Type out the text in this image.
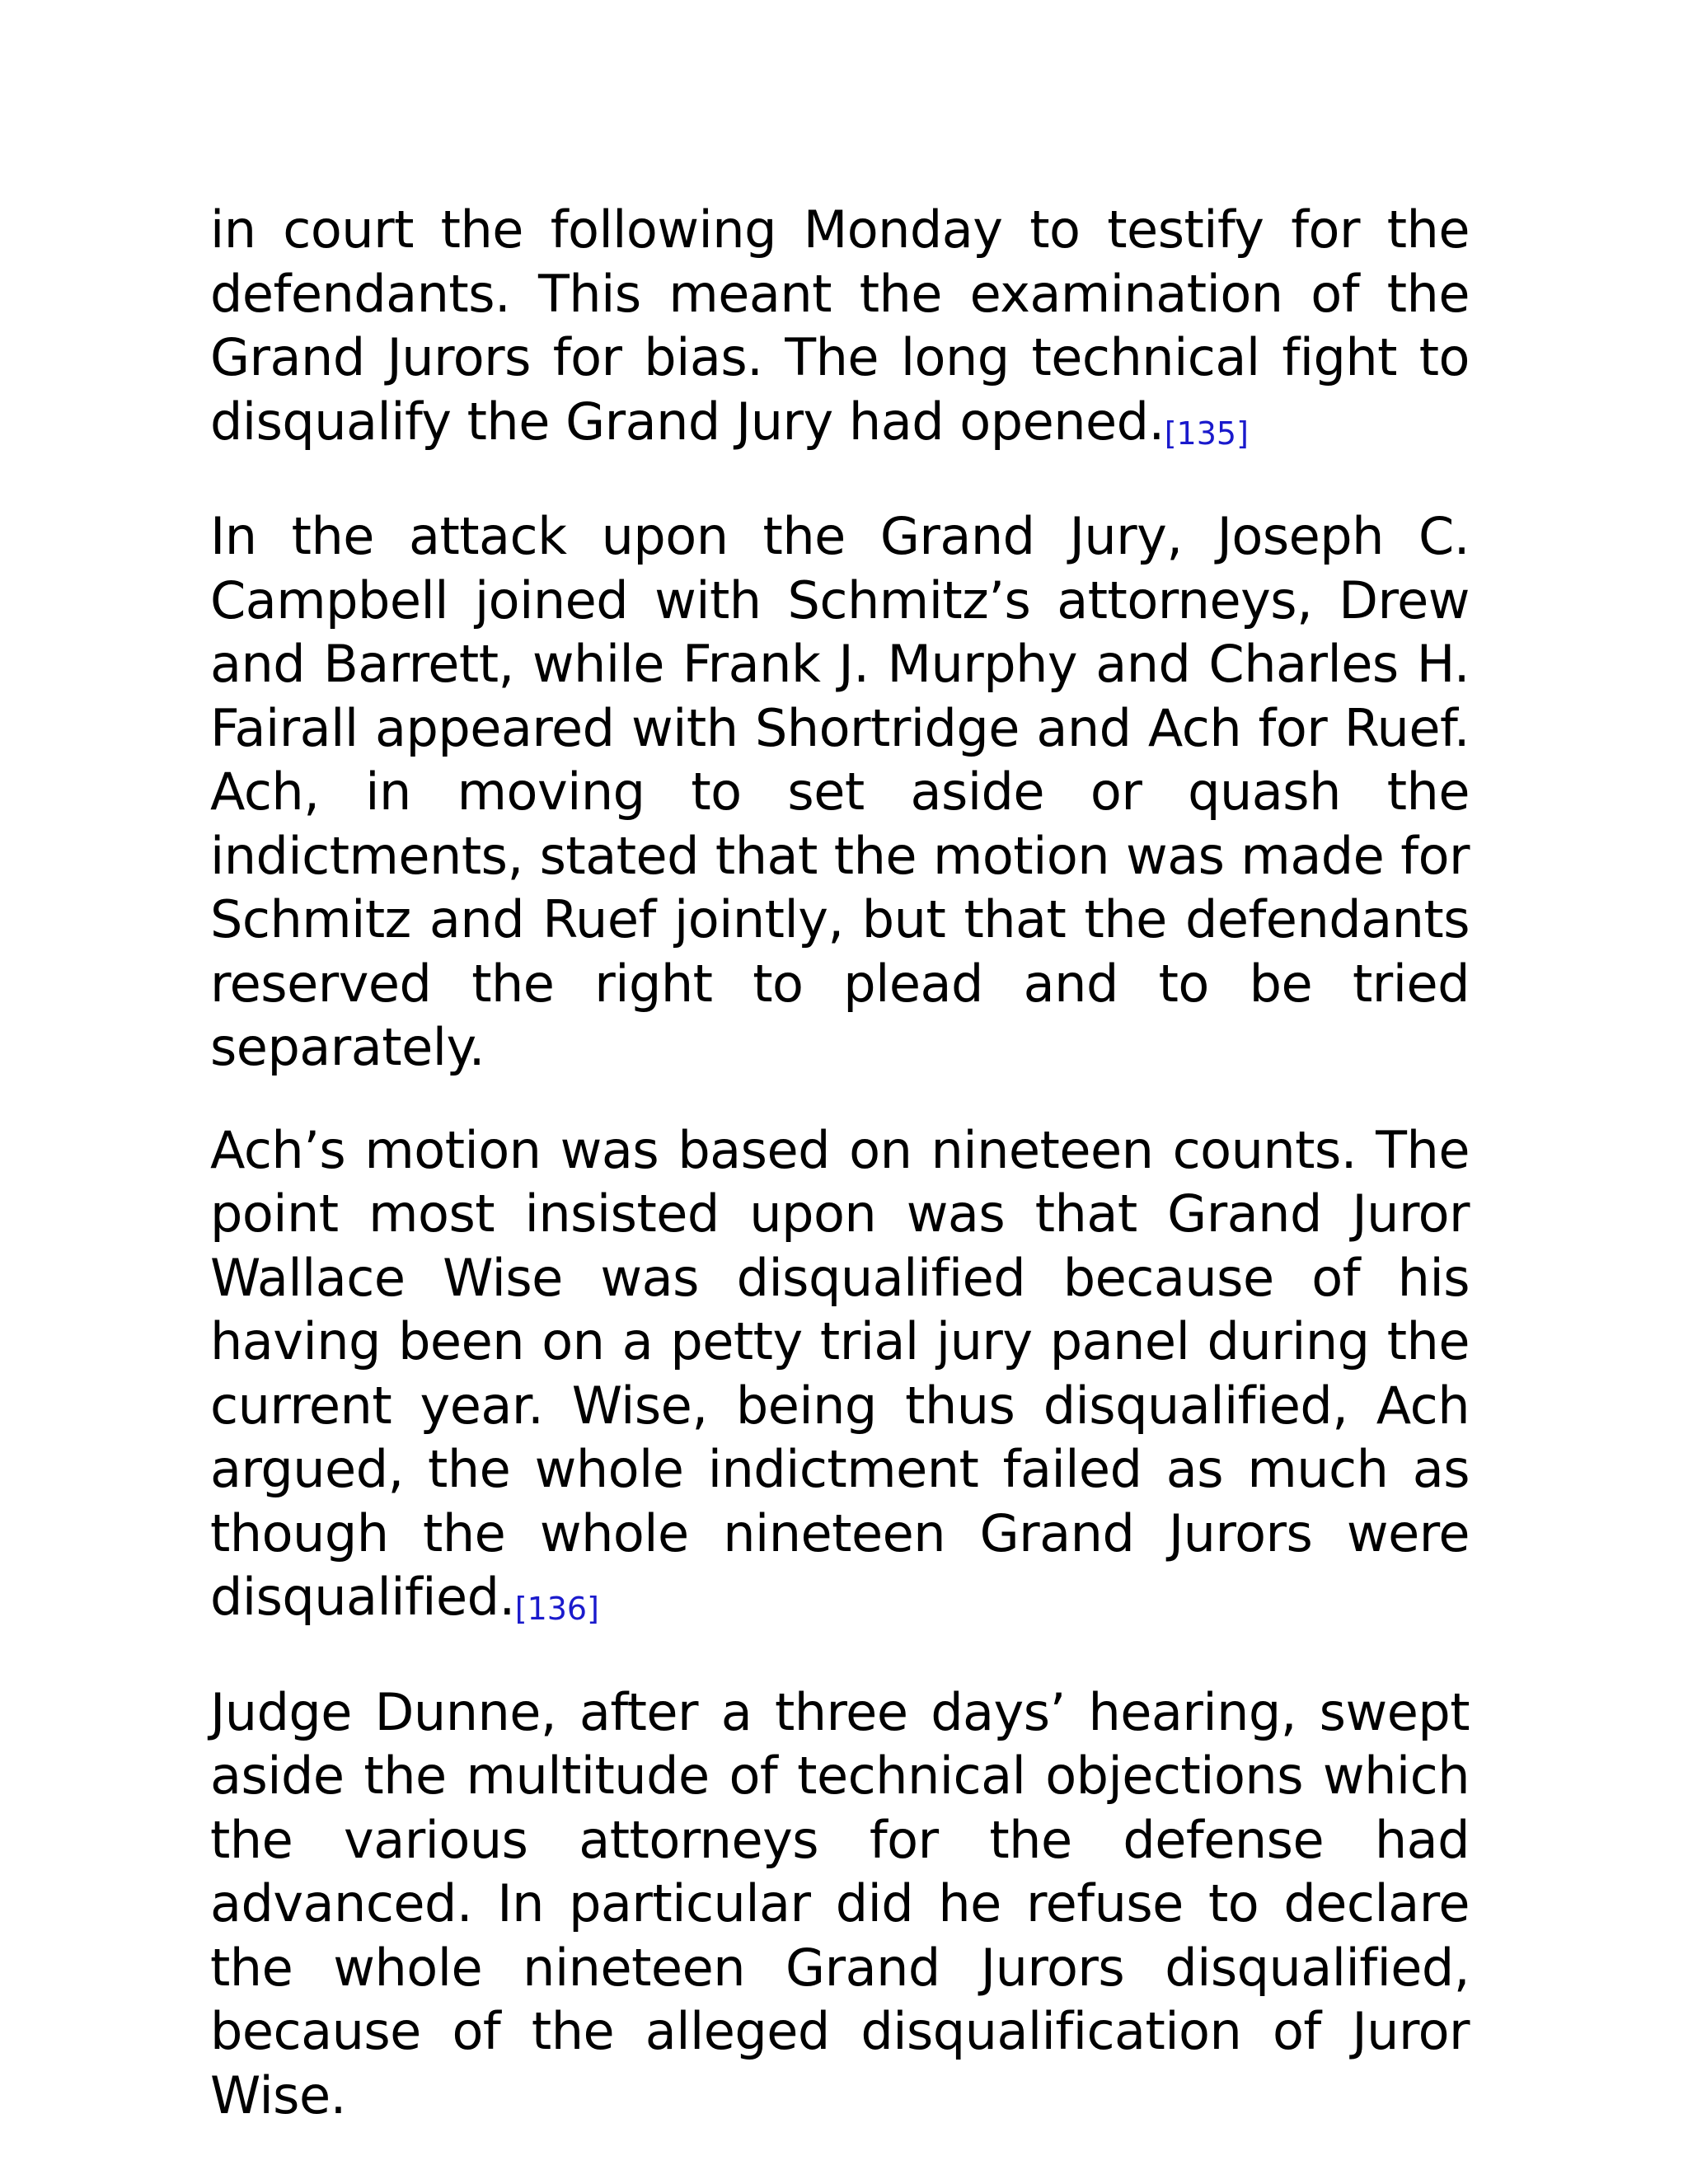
in court the following Monday to testify for the defendants. This meant the examination of the Grand Jurors for bias. The long technical fight to disqualify the Grand Jury had opened.[135]

In the attack upon the Grand Jury, Joseph C. Campbell joined with Schmitz’s attorneys, Drew and Barrett, while Frank J. Murphy and Charles H. Fairall appeared with Shortridge and Ach for Ruef. Ach, in moving to set aside or quash the indictments, stated that the motion was made for Schmitz and Ruef jointly, but that the defendants reserved the right to plead and to be tried separately.

Ach’s motion was based on nineteen counts. The point most insisted upon was that Grand Juror Wallace Wise was disqualified because of his having been on a petty trial jury panel during the current year. Wise, being thus disqualified, Ach argued, the whole indictment failed as much as though the whole nineteen Grand Jurors were disqualified.[136]

Judge Dunne, after a three days’ hearing, swept aside the multitude of technical objections which the various attorneys for the defense had advanced. In particular did he refuse to declare the whole nineteen Grand Jurors disqualified, because of the alleged disqualification of Juror Wise.
